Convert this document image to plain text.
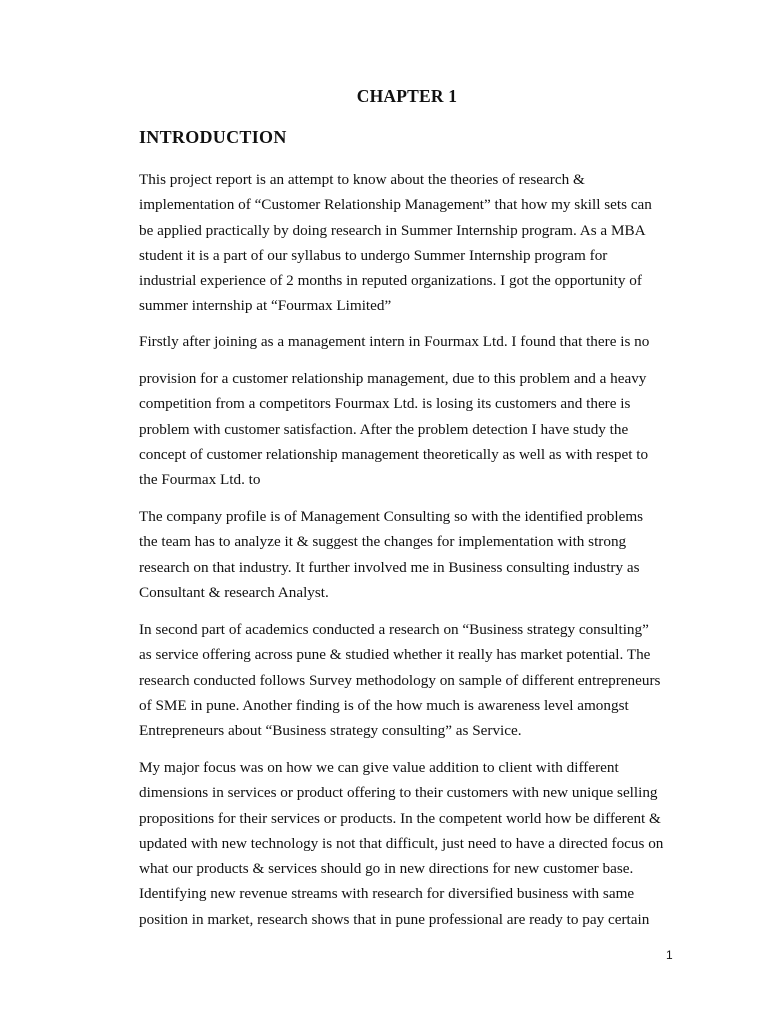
CHAPTER 1
INTRODUCTION
This project report is an attempt to know about the theories of research &
implementation of “Customer Relationship Management” that how my skill sets can
be applied practically by doing research in Summer Internship program. As a MBA
student it is a part of our syllabus to undergo Summer Internship program for
industrial experience of 2 months in reputed organizations. I got the opportunity of
summer internship at “Fourmax Limited”
Firstly after joining as a management intern in Fourmax Ltd. I found that there is no
provision for a customer relationship management, due to this problem and a heavy
competition from a competitors Fourmax Ltd. is losing its customers and there is
problem with customer satisfaction. After the problem detection I have study the
concept of customer relationship management theoretically as well as with respet to
the Fourmax Ltd. to
The company profile is of Management Consulting so with the identified problems
the team has to analyze it & suggest the changes for implementation with strong
research on that industry. It further involved me in Business consulting industry as
Consultant & research Analyst.
In second part of academics conducted a research on “Business strategy consulting”
as service offering across pune & studied whether it really has market potential. The
research conducted follows Survey methodology on sample of different entrepreneurs
of SME in pune. Another finding is of the how much is awareness level amongst
Entrepreneurs about “Business strategy consulting” as Service.
My major focus was on how we can give value addition to client with different
dimensions in services or product offering to their customers with new unique selling
propositions for their services or products. In the competent world how be different &
updated with new technology is not that difficult, just need to have a directed focus on
what our products & services should go in new directions for new customer base.
Identifying new revenue streams with research for diversified business with same
position in market, research shows that in pune professional are ready to pay certain
1
